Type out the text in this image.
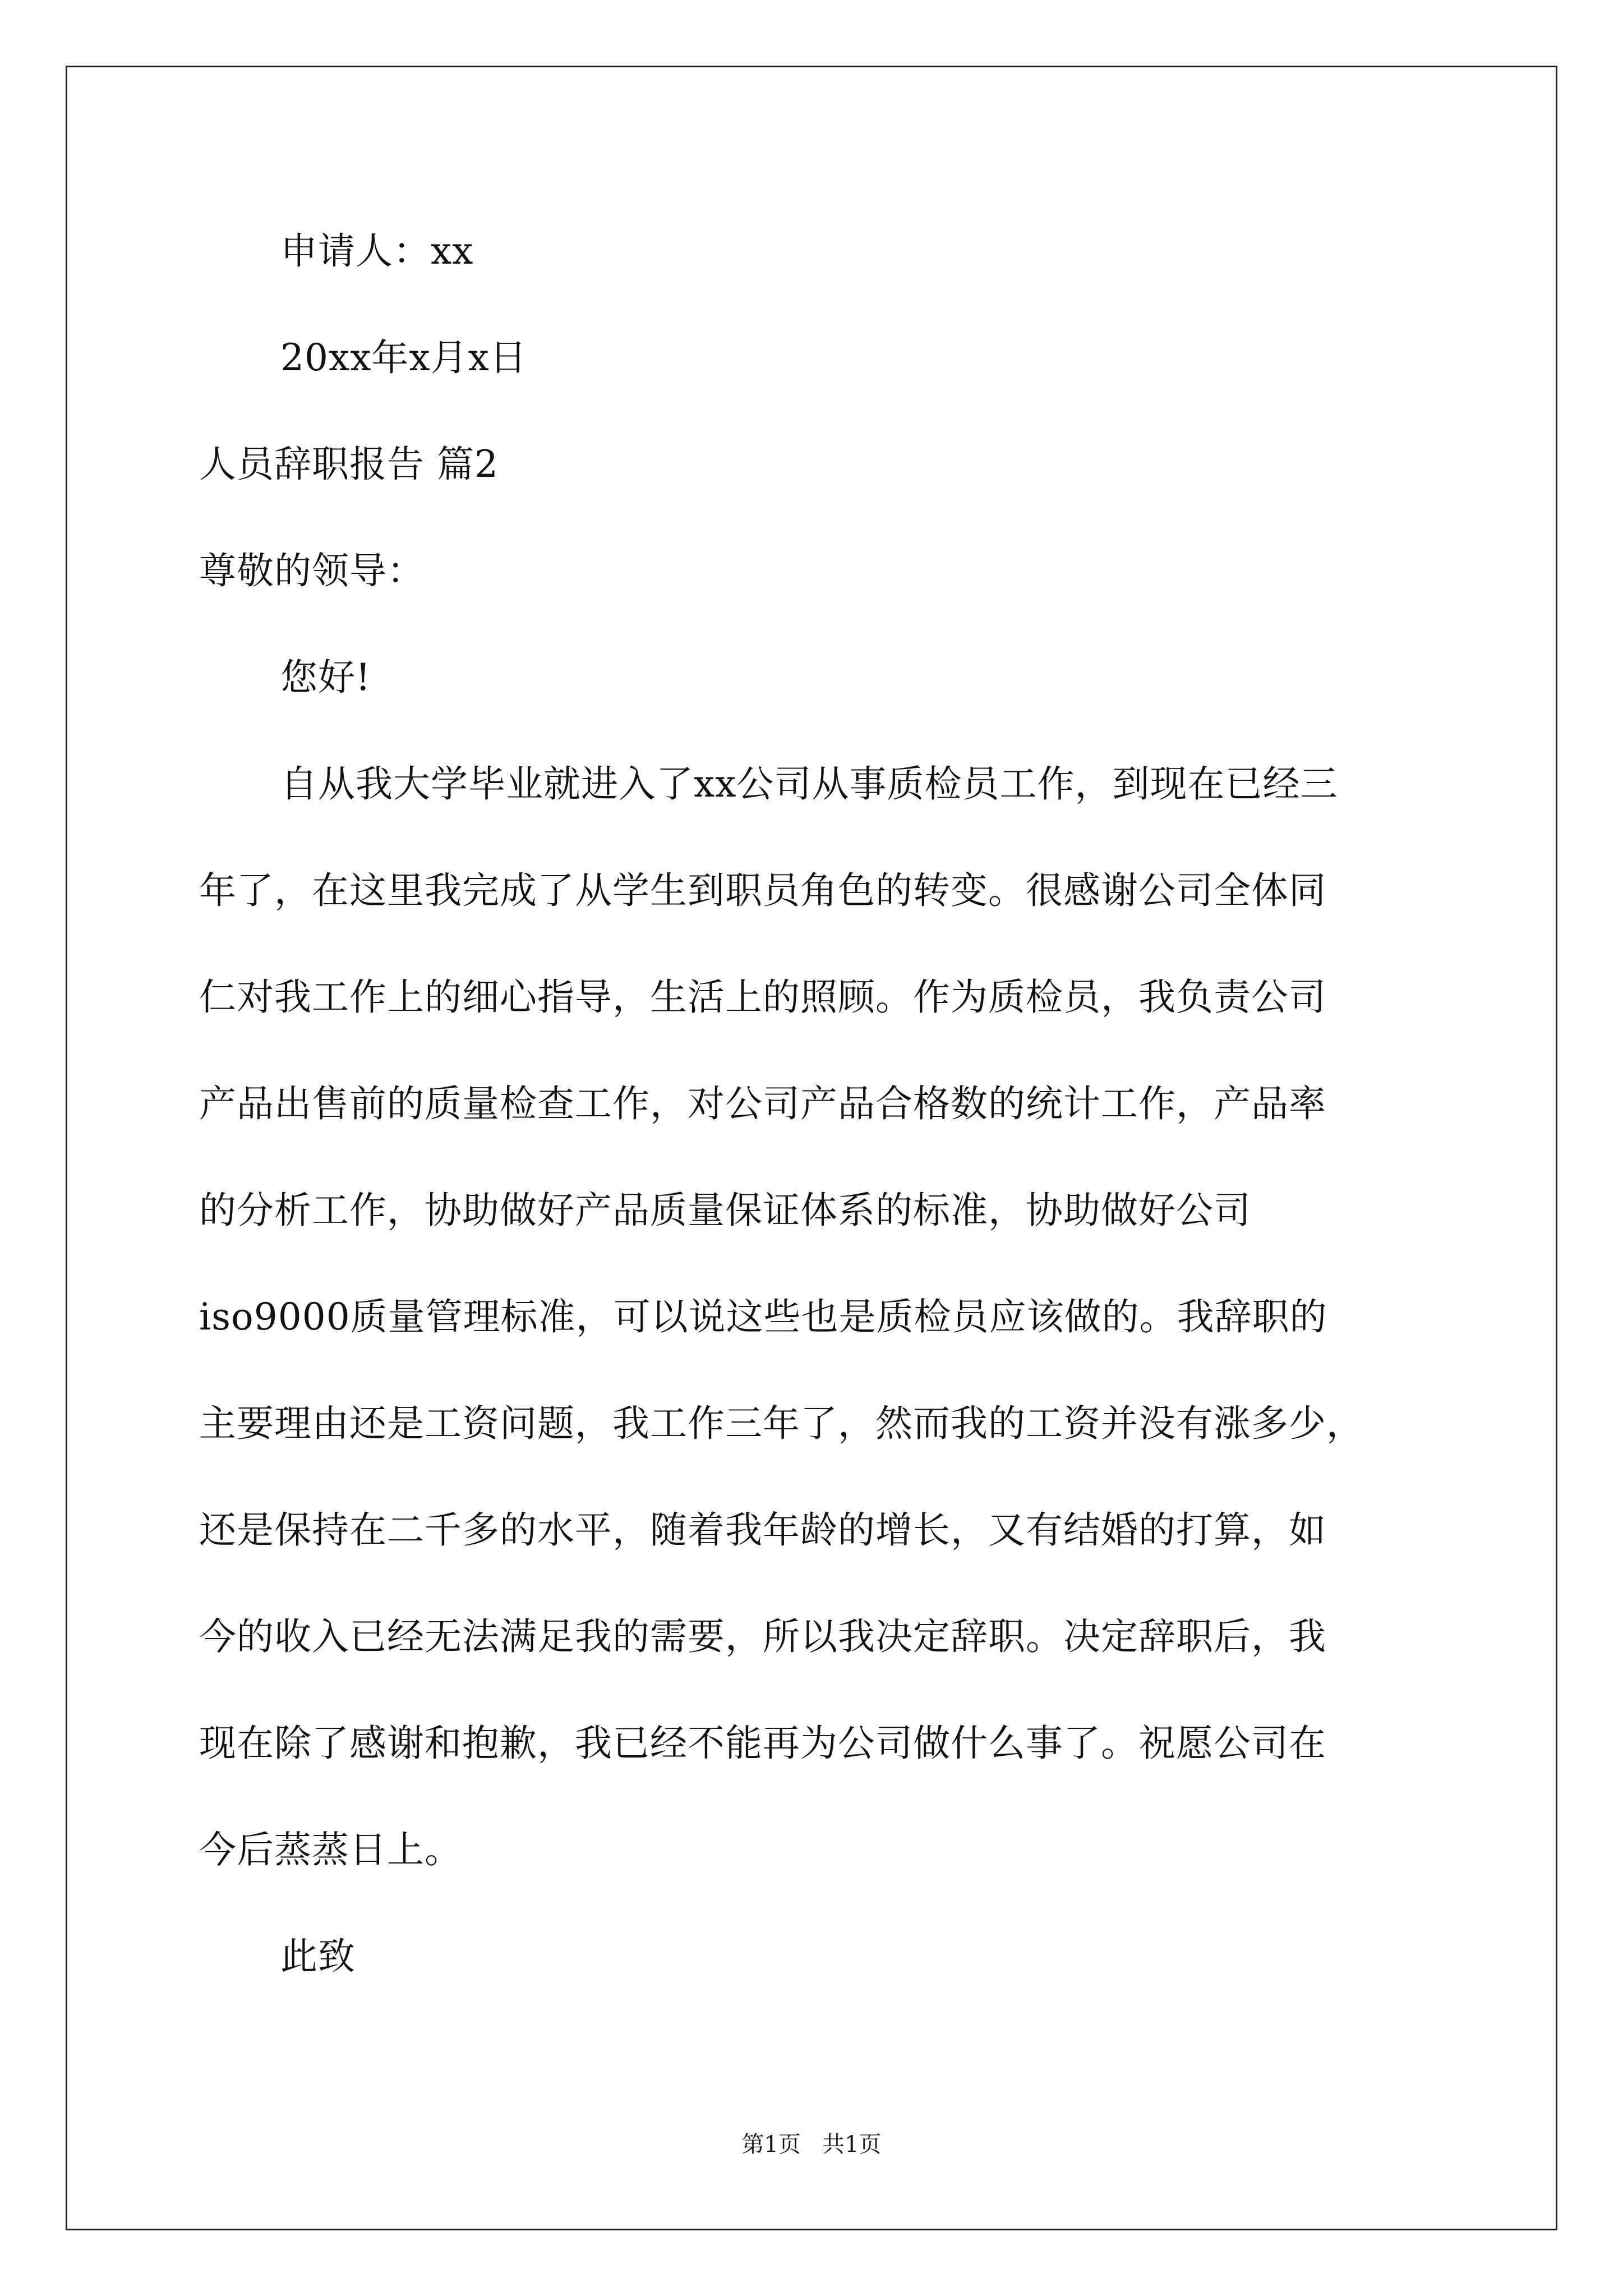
申请人：xx
20xx年x月x日
人员辞职报告 篇2
尊敬的领导：
您好!
自从我大学毕业就进入了xx公司从事质检员工作，到现在已经三
年了，在这里我完成了从学生到职员角色的转变。很感谢公司全体同
仁对我工作上的细心指导，生活上的照顾。作为质检员，我负责公司
产品出售前的质量检查工作，对公司产品合格数的统计工作，产品率
的分析工作，协助做好产品质量保证体系的标准，协助做好公司
iso9000质量管理标准，可以说这些也是质检员应该做的。我辞职的
主要理由还是工资问题，我工作三年了，然而我的工资并没有涨多少，
还是保持在二千多的水平，随着我年龄的增长，又有结婚的打算，如
今的收入已经无法满足我的需要，所以我决定辞职。决定辞职后，我
现在除了感谢和抱歉，我已经不能再为公司做什么事了。祝愿公司在
今后蒸蒸日上。
此致
第1页   共1页
